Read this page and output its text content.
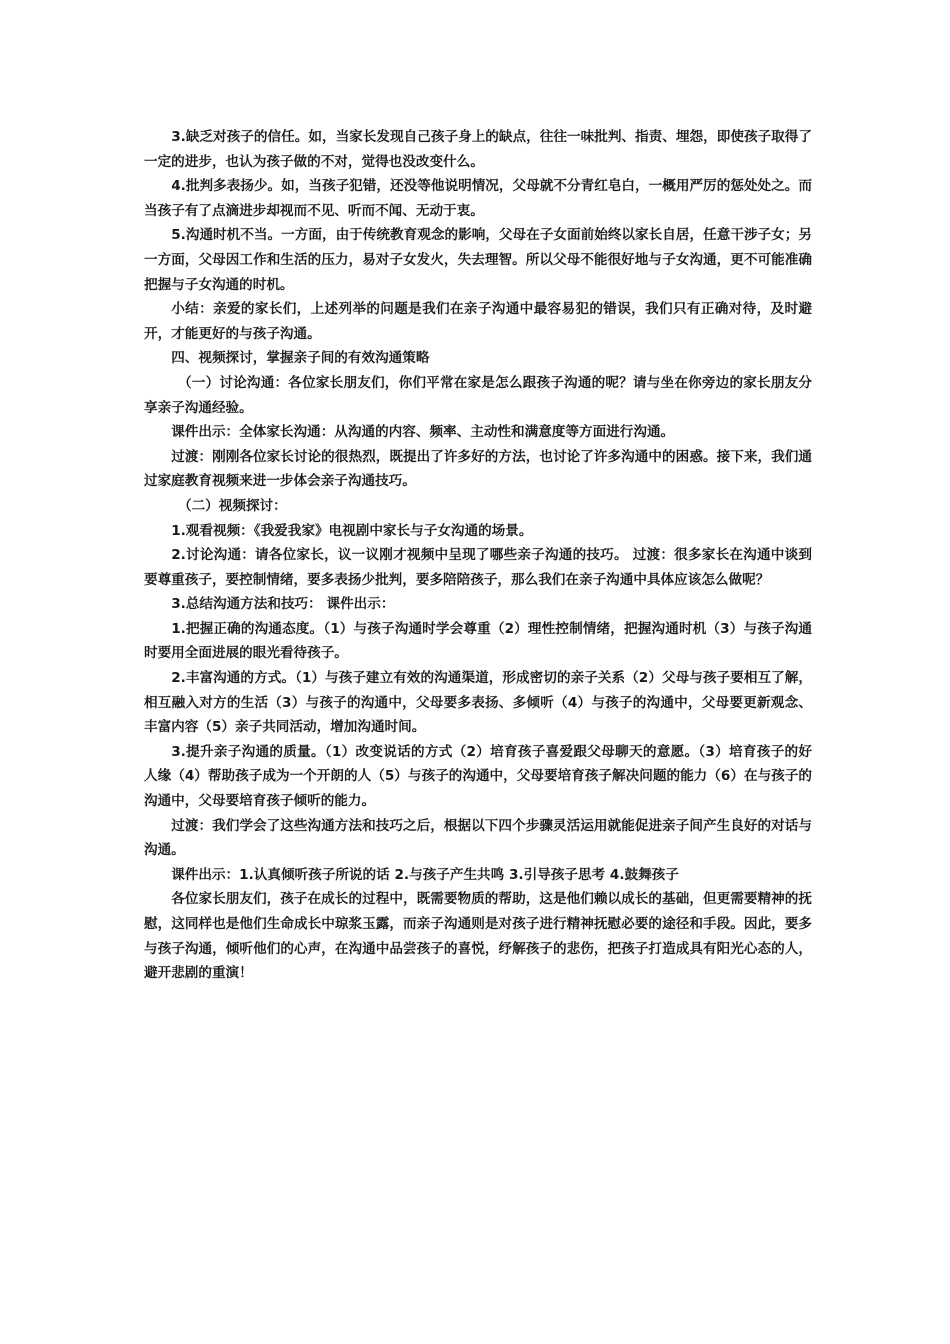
3.缺乏对孩子的信任。如，当家长发现自己孩子身上的缺点，往往一味批判、指责、埋怨，即使孩子取得了一定的进步，也认为孩子做的不对，觉得也没改变什么。

4.批判多表扬少。如，当孩子犯错，还没等他说明情况，父母就不分青红皂白，一概用严厉的惩处处之。而当孩子有了点滴进步却视而不见、听而不闻、无动于衷。

5.沟通时机不当。一方面，由于传统教育观念的影响，父母在子女面前始终以家长自居，任意干涉子女；另一方面，父母因工作和生活的压力，易对子女发火，失去理智。所以父母不能很好地与子女沟通，更不可能准确把握与子女沟通的时机。

小结：亲爱的家长们，上述列举的问题是我们在亲子沟通中最容易犯的错误，我们只有正确对待，及时避开，才能更好的与孩子沟通。

四、视频探讨，掌握亲子间的有效沟通策略

（一）讨论沟通：各位家长朋友们，你们平常在家是怎么跟孩子沟通的呢？请与坐在你旁边的家长朋友分享亲子沟通经验。

课件出示：全体家长沟通：从沟通的内容、频率、主动性和满意度等方面进行沟通。

过渡：刚刚各位家长讨论的很热烈，既提出了许多好的方法，也讨论了许多沟通中的困惑。接下来，我们通过家庭教育视频来进一步体会亲子沟通技巧。

（二）视频探讨：

1.观看视频：《我爱我家》电视剧中家长与子女沟通的场景。

2.讨论沟通：请各位家长，议一议刚才视频中呈现了哪些亲子沟通的技巧。 过渡：很多家长在沟通中谈到要尊重孩子，要控制情绪，要多表扬少批判，要多陪陪孩子，那么我们在亲子沟通中具体应该怎么做呢？

3.总结沟通方法和技巧： 课件出示：

1.把握正确的沟通态度。（1）与孩子沟通时学会尊重（2）理性控制情绪，把握沟通时机（3）与孩子沟通时要用全面进展的眼光看待孩子。

2.丰富沟通的方式。（1）与孩子建立有效的沟通渠道，形成密切的亲子关系（2）父母与孩子要相互了解，相互融入对方的生活（3）与孩子的沟通中，父母要多表扬、多倾听（4）与孩子的沟通中，父母要更新观念、丰富内容（5）亲子共同活动，增加沟通时间。

3.提升亲子沟通的质量。（1）改变说话的方式（2）培育孩子喜爱跟父母聊天的意愿。（3）培育孩子的好人缘（4）帮助孩子成为一个开朗的人（5）与孩子的沟通中，父母要培育孩子解决问题的能力（6）在与孩子的沟通中，父母要培育孩子倾听的能力。

过渡：我们学会了这些沟通方法和技巧之后，根据以下四个步骤灵活运用就能促进亲子间产生良好的对话与沟通。

课件出示：1.认真倾听孩子所说的话 2.与孩子产生共鸣 3.引导孩子思考 4.鼓舞孩子

各位家长朋友们，孩子在成长的过程中，既需要物质的帮助，这是他们赖以成长的基础，但更需要精神的抚慰，这同样也是他们生命成长中琼浆玉露，而亲子沟通则是对孩子进行精神抚慰必要的途径和手段。因此，要多与孩子沟通，倾听他们的心声，在沟通中品尝孩子的喜悦，纾解孩子的悲伤，把孩子打造成具有阳光心态的人，避开悲剧的重演！
